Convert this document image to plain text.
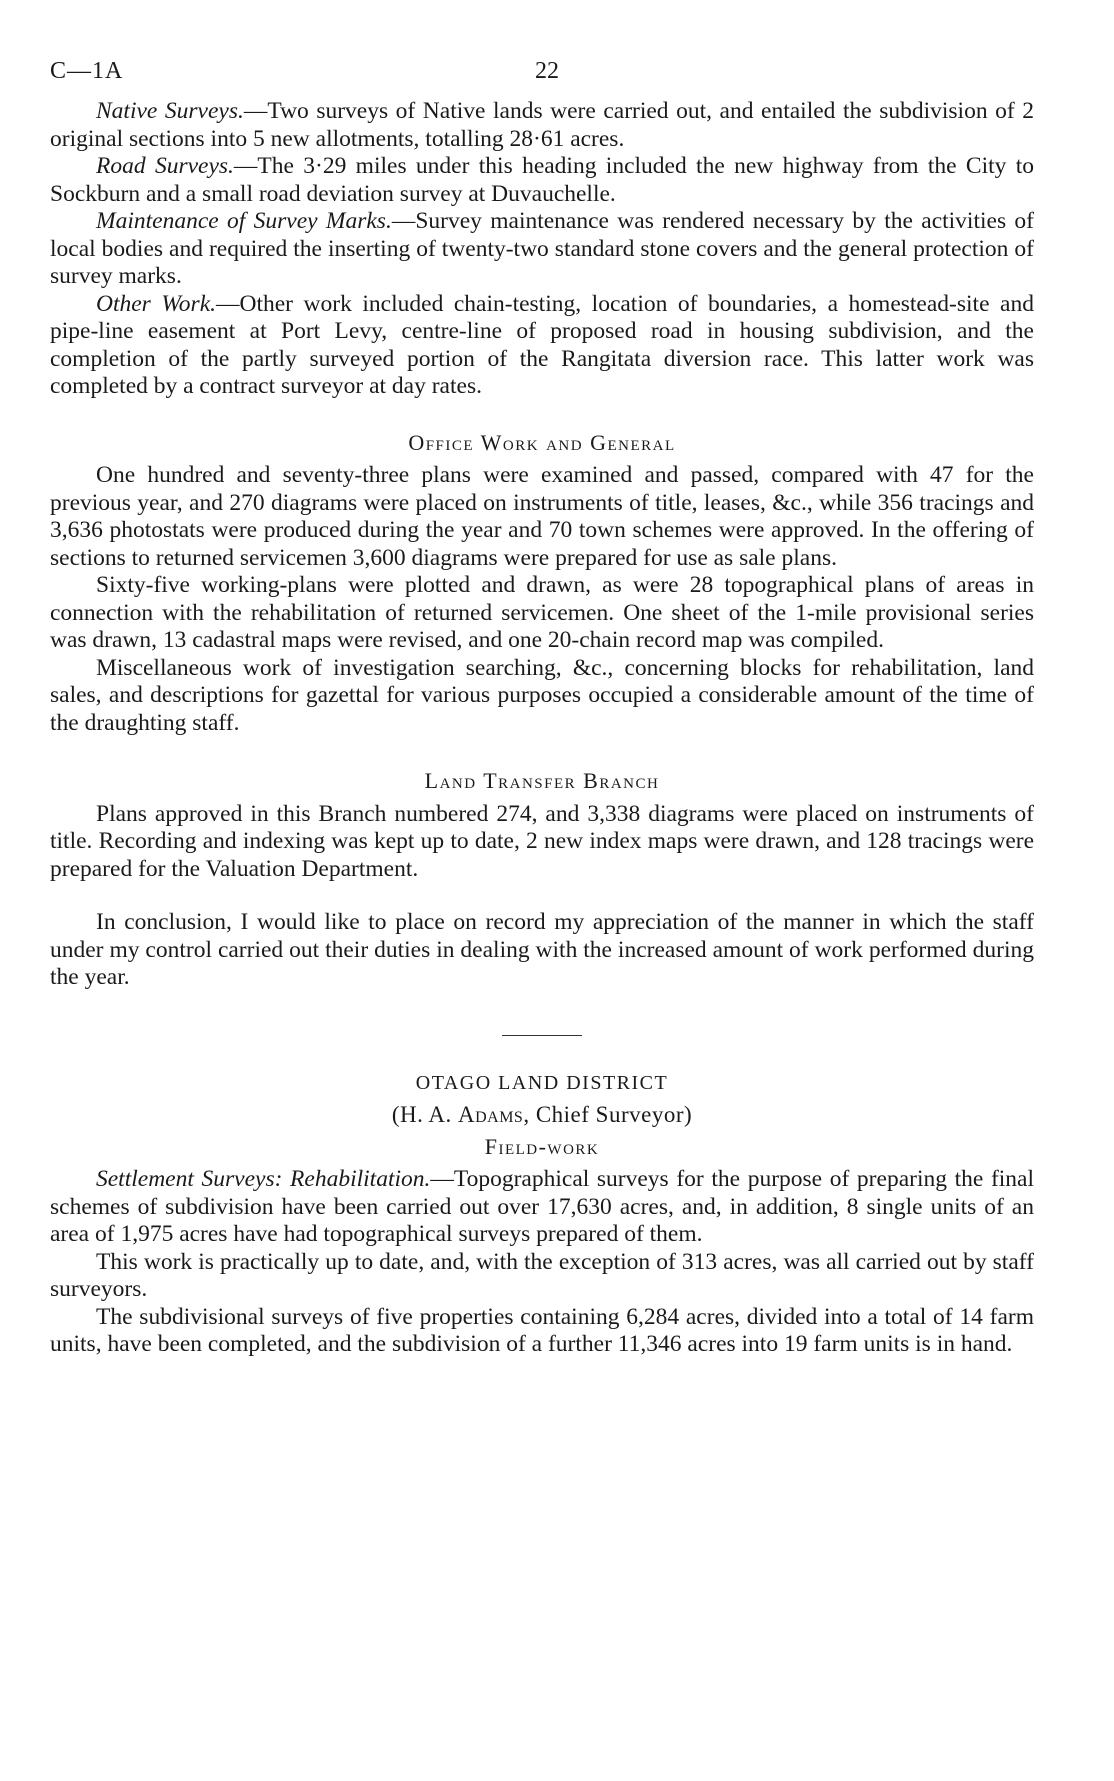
C—1A	22

Native Surveys.—Two surveys of Native lands were carried out, and entailed the subdivision of 2 original sections into 5 new allotments, totalling 28·61 acres.

Road Surveys.—The 3·29 miles under this heading included the new highway from the City to Sockburn and a small road deviation survey at Duvauchelle.

Maintenance of Survey Marks.—Survey maintenance was rendered necessary by the activities of local bodies and required the inserting of twenty-two standard stone covers and the general protection of survey marks.

Other Work.—Other work included chain-testing, location of boundaries, a homestead-site and pipe-line easement at Port Levy, centre-line of proposed road in housing subdivision, and the completion of the partly surveyed portion of the Rangitata diversion race. This latter work was completed by a contract surveyor at day rates.

Office Work and General

One hundred and seventy-three plans were examined and passed, compared with 47 for the previous year, and 270 diagrams were placed on instruments of title, leases, &c., while 356 tracings and 3,636 photostats were produced during the year and 70 town schemes were approved. In the offering of sections to returned servicemen 3,600 diagrams were prepared for use as sale plans.

Sixty-five working-plans were plotted and drawn, as were 28 topographical plans of areas in connection with the rehabilitation of returned servicemen. One sheet of the 1-mile provisional series was drawn, 13 cadastral maps were revised, and one 20-chain record map was compiled.

Miscellaneous work of investigation searching, &c., concerning blocks for rehabilitation, land sales, and descriptions for gazettal for various purposes occupied a considerable amount of the time of the draughting staff.

Land Transfer Branch

Plans approved in this Branch numbered 274, and 3,338 diagrams were placed on instruments of title. Recording and indexing was kept up to date, 2 new index maps were drawn, and 128 tracings were prepared for the Valuation Department.

In conclusion, I would like to place on record my appreciation of the manner in which the staff under my control carried out their duties in dealing with the increased amount of work performed during the year.

OTAGO LAND DISTRICT
(H. A. Adams, Chief Surveyor)
Field-work

Settlement Surveys: Rehabilitation.—Topographical surveys for the purpose of preparing the final schemes of subdivision have been carried out over 17,630 acres, and, in addition, 8 single units of an area of 1,975 acres have had topographical surveys prepared of them.

This work is practically up to date, and, with the exception of 313 acres, was all carried out by staff surveyors.

The subdivisional surveys of five properties containing 6,284 acres, divided into a total of 14 farm units, have been completed, and the subdivision of a further 11,346 acres into 19 farm units is in hand.
